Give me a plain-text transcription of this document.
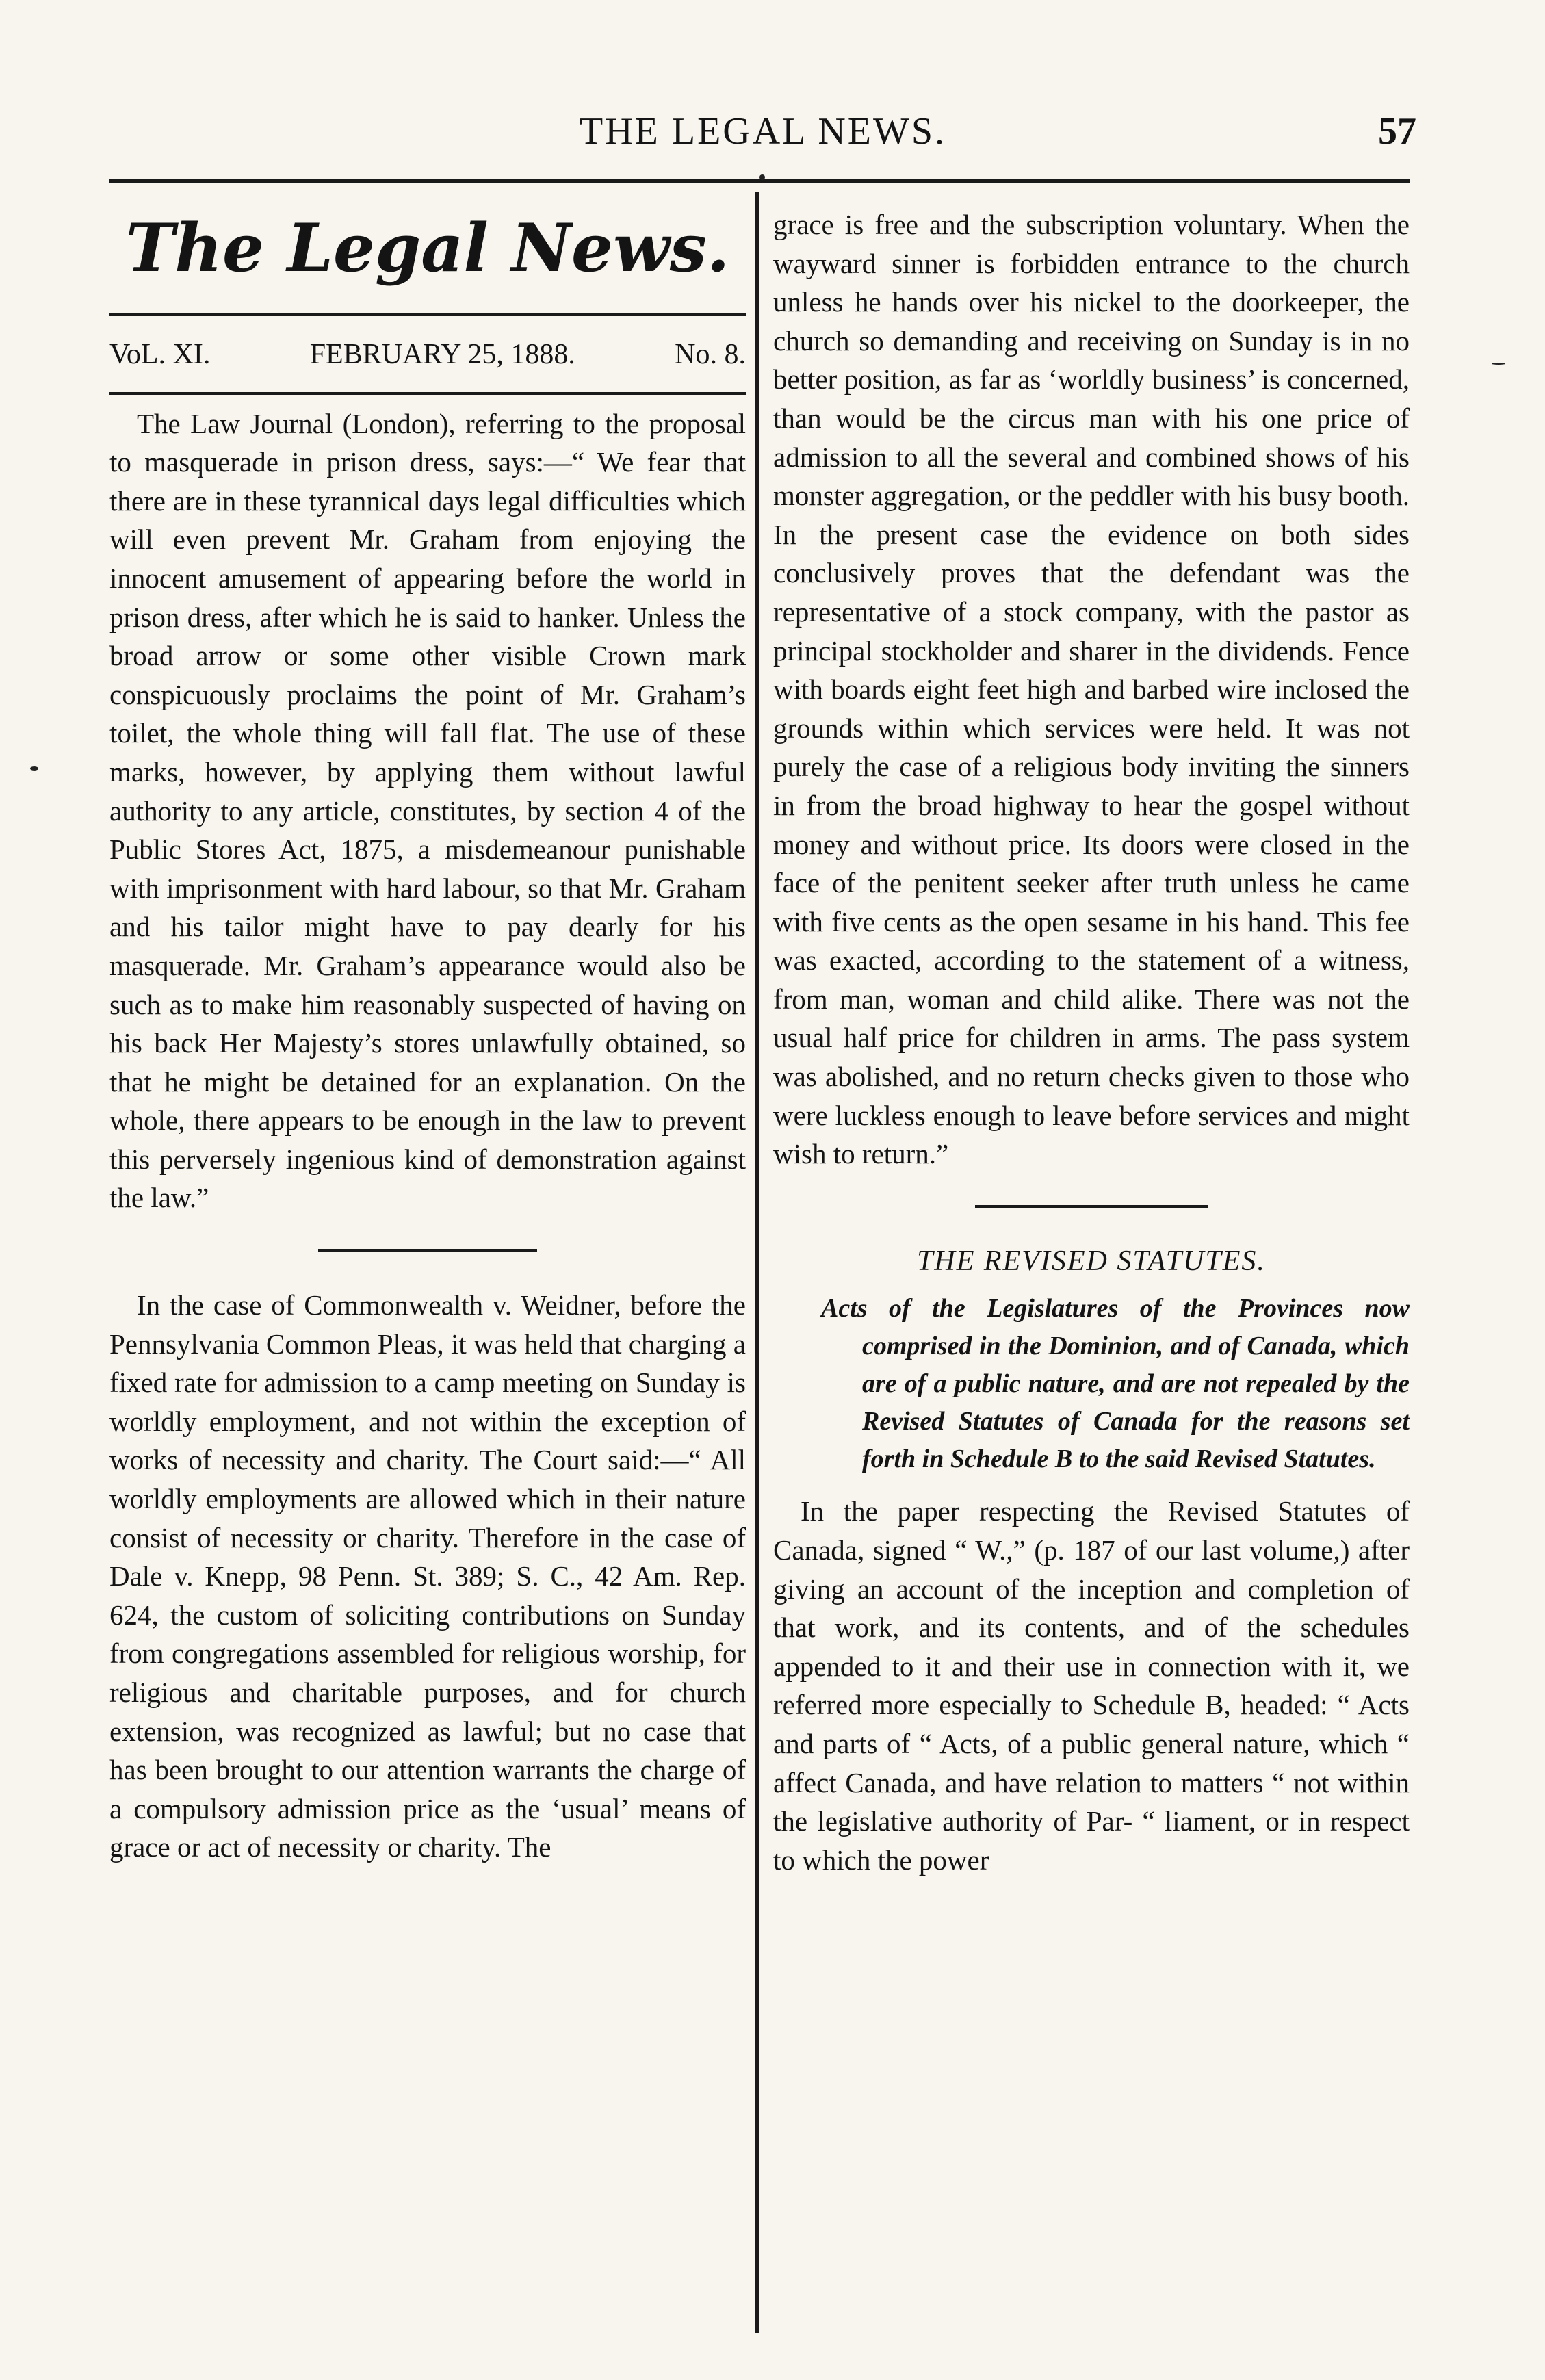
THE LEGAL NEWS.	57
The Legal News.
VoL. XI.	FEBRUARY 25, 1888.	No. 8.

The Law Journal (London), referring to the proposal to masquerade in prison dress, says:—“ We fear that there are in these tyrannical days legal difficulties which will even prevent Mr. Graham from enjoying the innocent amusement of appearing before the world in prison dress, after which he is said to hanker. Unless the broad arrow or some other visible Crown mark conspicuously proclaims the point of Mr. Graham’s toilet, the whole thing will fall flat. The use of these marks, however, by applying them without lawful authority to any article, constitutes, by section 4 of the Public Stores Act, 1875, a misdemeanour punishable with imprisonment with hard labour, so that Mr. Graham and his tailor might have to pay dearly for his masquerade. Mr. Graham’s appearance would also be such as to make him reasonably suspected of having on his back Her Majesty’s stores unlawfully obtained, so that he might be detained for an explanation. On the whole, there appears to be enough in the law to prevent this perversely ingenious kind of demonstration against the law.”

In the case of Commonwealth v. Weidner, before the Pennsylvania Common Pleas, it was held that charging a fixed rate for admission to a camp meeting on Sunday is worldly employment, and not within the exception of works of necessity and charity. The Court said:—“ All worldly employments are allowed which in their nature consist of necessity or charity. Therefore in the case of Dale v. Knepp, 98 Penn. St. 389; S. C., 42 Am. Rep. 624, the custom of soliciting contributions on Sunday from congregations assembled for religious worship, for religious and charitable purposes, and for church extension, was recognized as lawful; but no case that has been brought to our attention warrants the charge of a compulsory admission price as the ‘usual’ means of grace or act of necessity or charity. The

grace is free and the subscription voluntary. When the wayward sinner is forbidden entrance to the church unless he hands over his nickel to the doorkeeper, the church so demanding and receiving on Sunday is in no better position, as far as ‘worldly business’ is concerned, than would be the circus man with his one price of admission to all the several and combined shows of his monster aggregation, or the peddler with his busy booth. In the present case the evidence on both sides conclusively proves that the defendant was the representative of a stock company, with the pastor as principal stockholder and sharer in the dividends. Fence with boards eight feet high and barbed wire inclosed the grounds within which services were held. It was not purely the case of a religious body inviting the sinners in from the broad highway to hear the gospel without money and without price. Its doors were closed in the face of the penitent seeker after truth unless he came with five cents as the open sesame in his hand. This fee was exacted, according to the statement of a witness, from man, woman and child alike. There was not the usual half price for children in arms. The pass system was abolished, and no return checks given to those who were luckless enough to leave before services and might wish to return.”

THE REVISED STATUTES.
Acts of the Legislatures of the Provinces now comprised in the Dominion, and of Canada, which are of a public nature, and are not repealed by the Revised Statutes of Canada for the reasons set forth in Schedule B to the said Revised Statutes.

In the paper respecting the Revised Statutes of Canada, signed “ W.,” (p. 187 of our last volume,) after giving an account of the inception and completion of that work, and its contents, and of the schedules appended to it and their use in connection with it, we referred more especially to Schedule B, headed: “ Acts and parts of “ Acts, of a public general nature, which “ affect Canada, and have relation to matters “ not within the legislative authority of Par- “ liament, or in respect to which the power
